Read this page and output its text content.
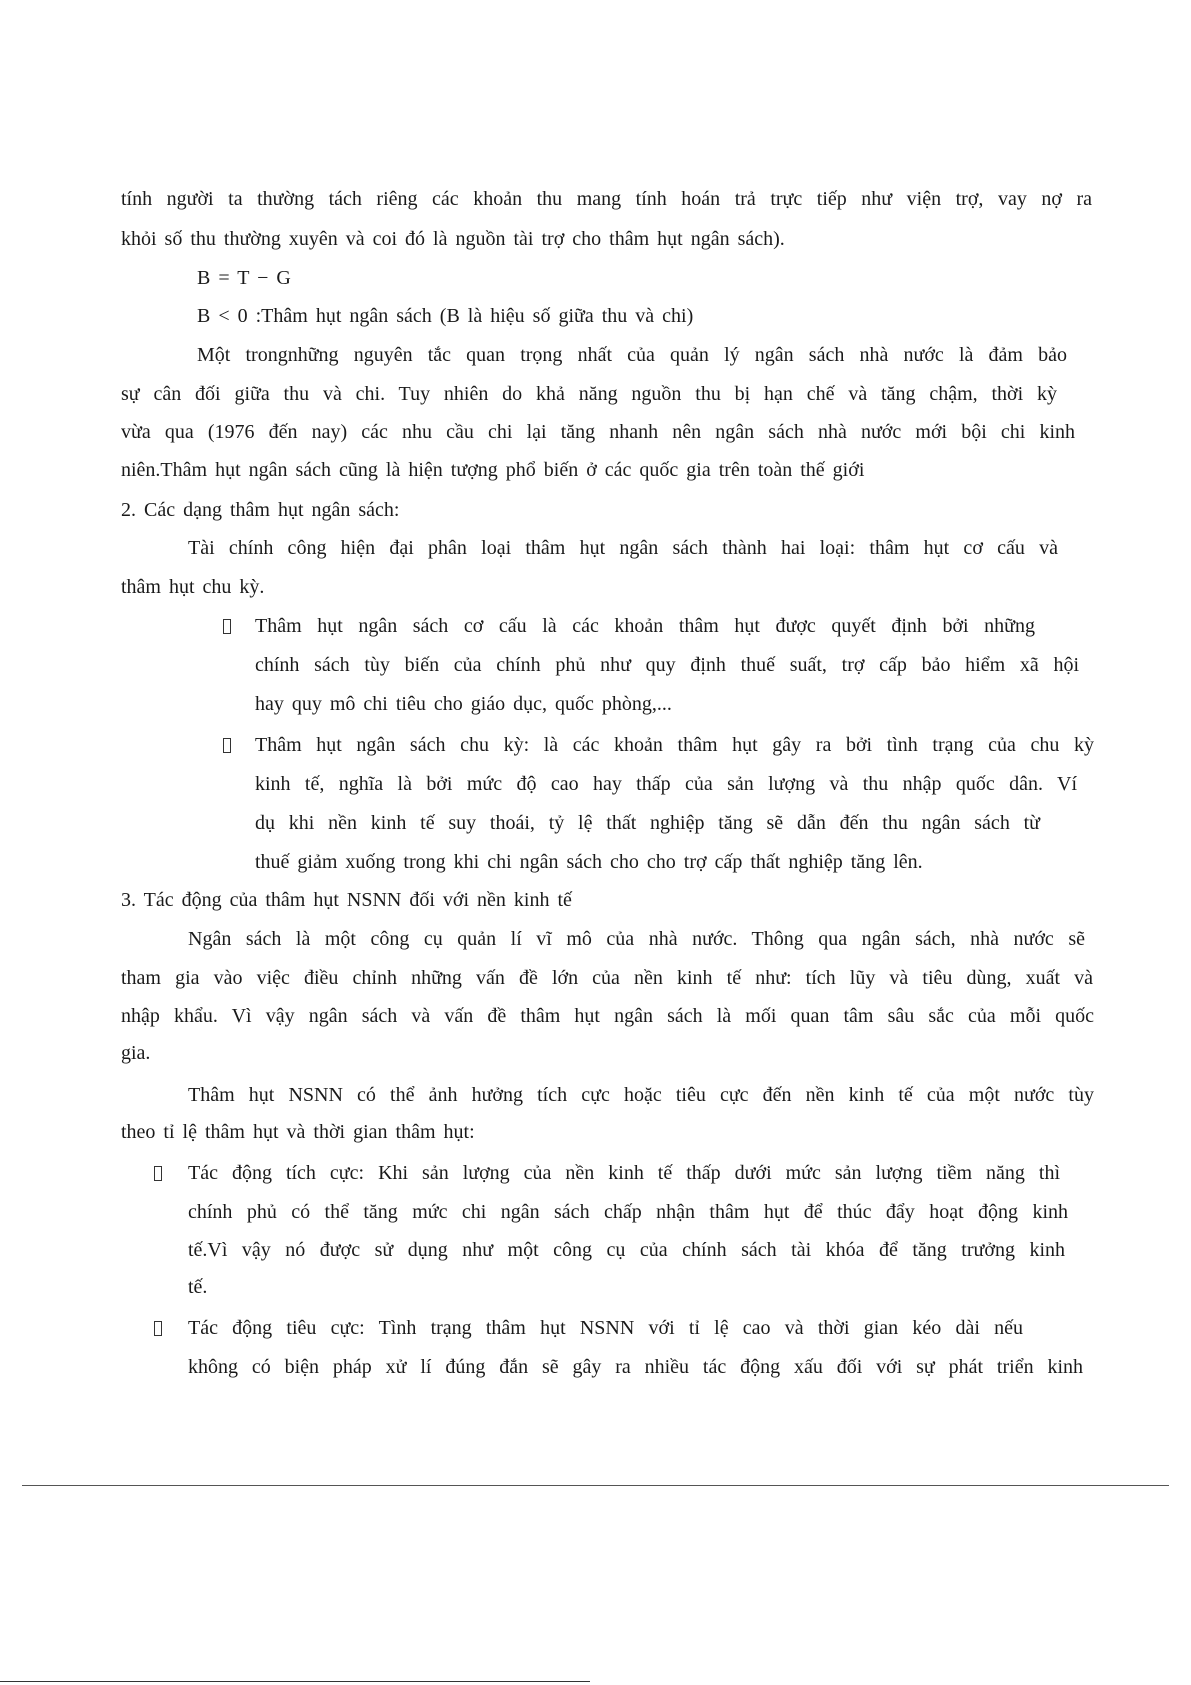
tính người ta thường tách riêng các khoản thu mang tính hoán trả trực tiếp như viện trợ, vay nợ ra
khỏi số thu thường xuyên và coi đó là nguồn tài trợ cho thâm hụt ngân sách).
B = T − G
B < 0 :Thâm hụt ngân sách (B là hiệu số giữa thu và chi)
Một trongnhững nguyên tắc quan trọng nhất của quản lý ngân sách nhà nước là đảm bảo
sự cân đối giữa thu và chi. Tuy nhiên do khả năng nguồn thu bị hạn chế và tăng chậm, thời kỳ
vừa qua (1976 đến nay) các nhu cầu chi lại tăng nhanh nên ngân sách nhà nước mới bội chi kinh
niên.Thâm hụt ngân sách cũng là hiện tượng phổ biến ở các quốc gia trên toàn thế giới
2. Các dạng thâm hụt ngân sách:
Tài chính công hiện đại phân loại thâm hụt ngân sách thành hai loại: thâm hụt cơ cấu và
thâm hụt chu kỳ.
Thâm hụt ngân sách cơ cấu là các khoản thâm hụt được quyết định bởi những
chính sách tùy biến của chính phủ như quy định thuế suất, trợ cấp bảo hiểm xã hội
hay quy mô chi tiêu cho giáo dục, quốc phòng,...
Thâm hụt ngân sách chu kỳ: là các khoản thâm hụt gây ra bởi tình trạng của chu kỳ
kinh tế, nghĩa là bởi mức độ cao hay thấp của sản lượng và thu nhập quốc dân. Ví
dụ khi nền kinh tế suy thoái, tỷ lệ thất nghiệp tăng sẽ dẫn đến thu ngân sách từ
thuế giảm xuống trong khi chi ngân sách cho cho trợ cấp thất nghiệp tăng lên.
3. Tác động của thâm hụt NSNN đối với nền kinh tế
Ngân sách là một công cụ quản lí vĩ mô của nhà nước. Thông qua ngân sách, nhà nước sẽ
tham gia vào việc điều chỉnh những vấn đề lớn của nền kinh tế như: tích lũy và tiêu dùng, xuất và
nhập khẩu. Vì vậy ngân sách và vấn đề thâm hụt ngân sách là mối quan tâm sâu sắc của mỗi quốc
gia.
Thâm hụt NSNN có thể ảnh hưởng tích cực hoặc tiêu cực đến nền kinh tế của một nước tùy
theo tỉ lệ thâm hụt và thời gian thâm hụt:
Tác động tích cực: Khi sản lượng của nền kinh tế thấp dưới mức sản lượng tiềm năng thì
chính phủ có thể tăng mức chi ngân sách chấp nhận thâm hụt để thúc đẩy hoạt động kinh
tế.Vì vậy nó được sử dụng như một công cụ của chính sách tài khóa để tăng trưởng kinh
tế.
Tác động tiêu cực: Tình trạng thâm hụt NSNN với tỉ lệ cao và thời gian kéo dài nếu
không có biện pháp xử lí đúng đắn sẽ gây ra nhiều tác động xấu đối với sự phát triển kinh
